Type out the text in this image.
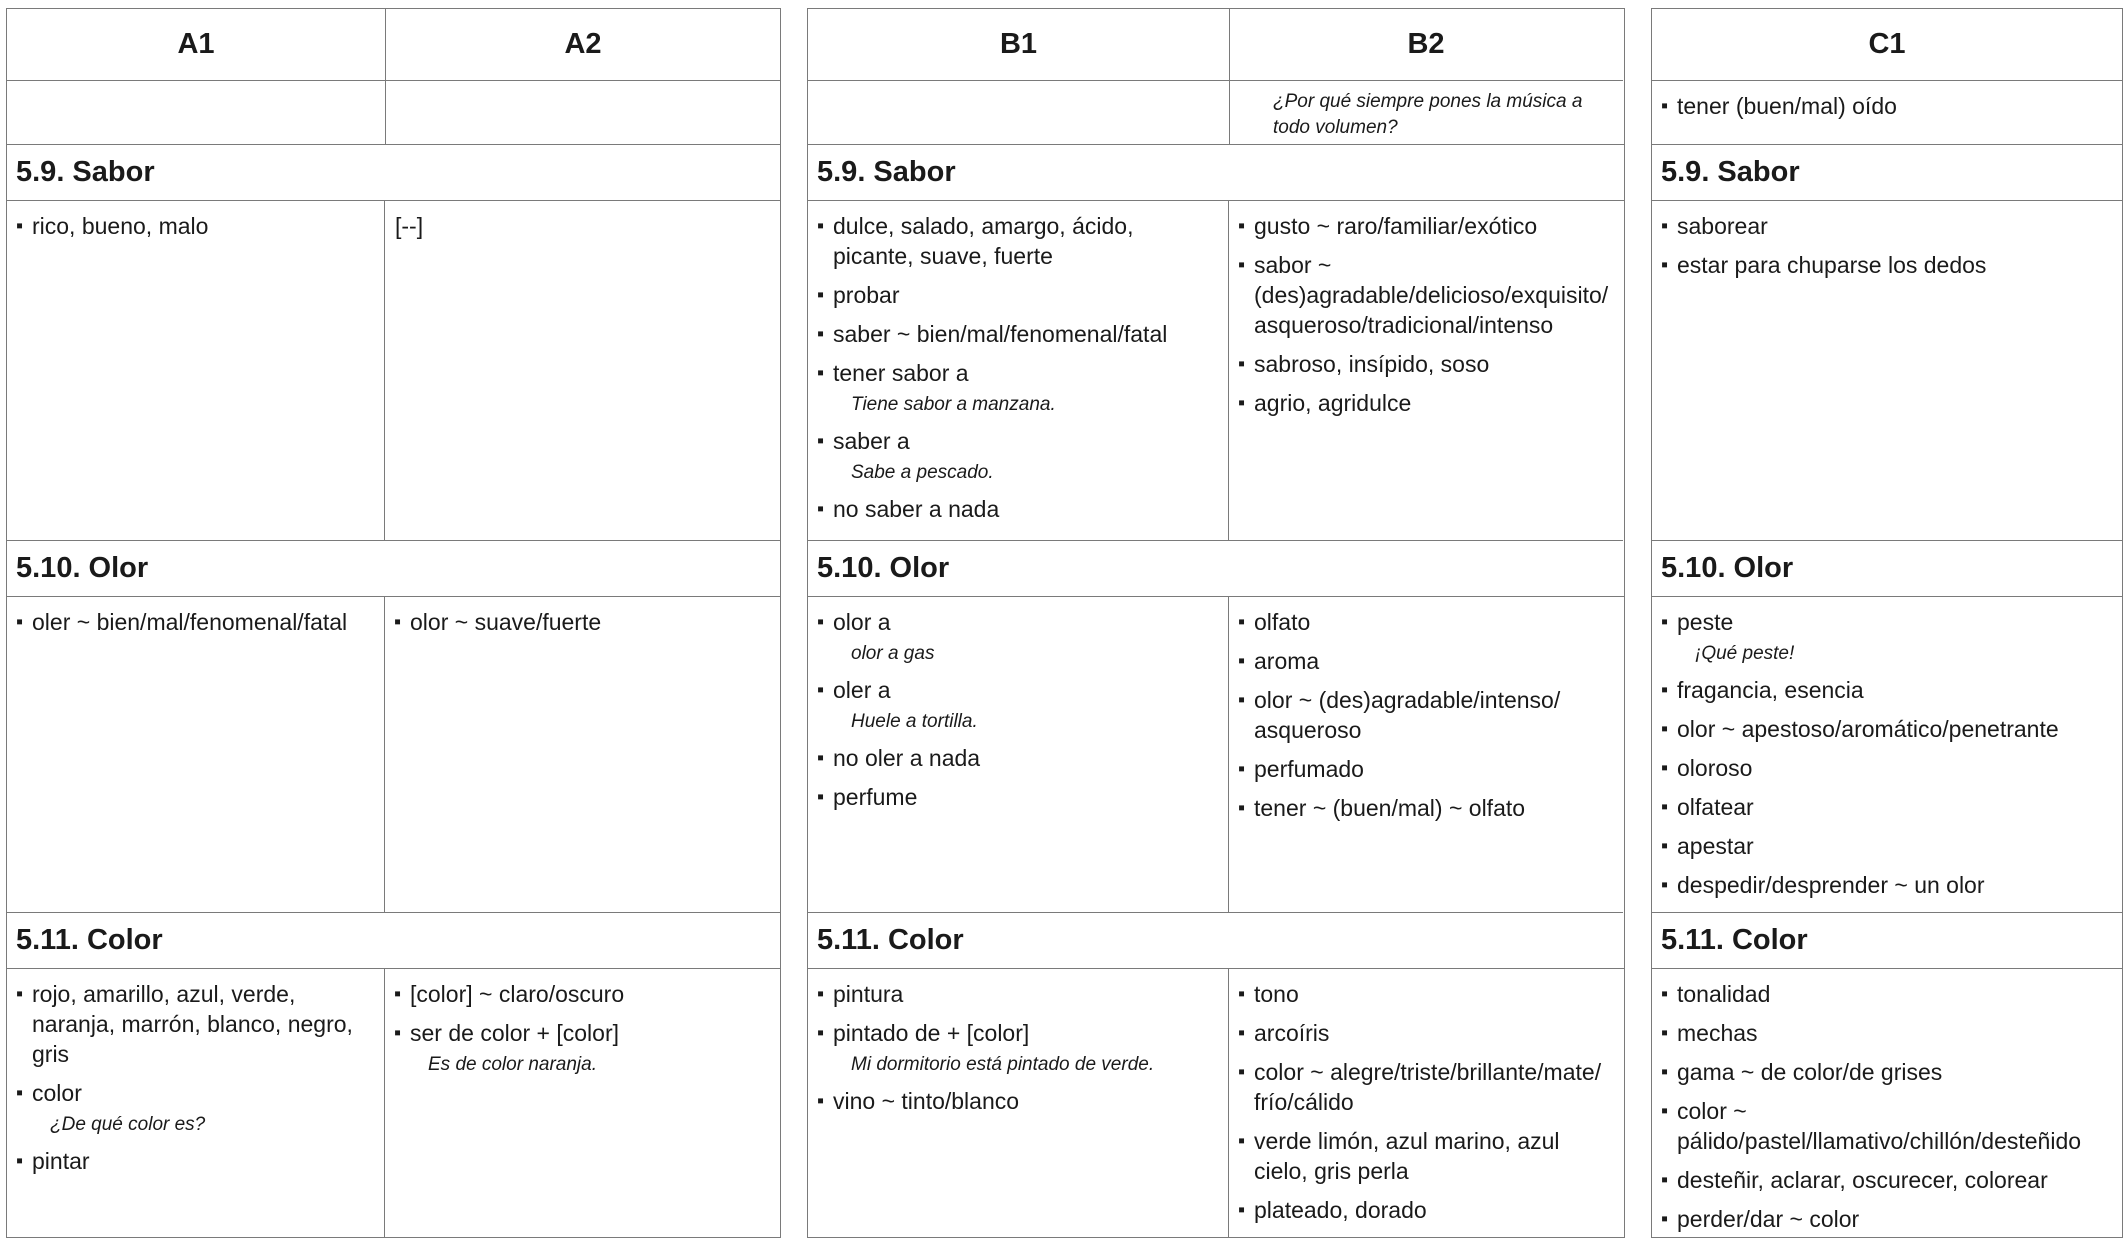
A1	A2
5.9. Sabor
▪ rico, bueno, malo	[--]
5.10. Olor
▪ oler ~ bien/mal/fenomenal/fatal
▪	olor ~ suave/fuerte
5.11. Color
▪ rojo, amarillo, azul, verde, naranja, marrón, blanco, negro, gris
▪ color
¿De qué color es?
▪ pintar
▪ [color] ~ claro/oscuro
▪ ser de color + [color]
Es de color naranja.
B1	B2
¿Por qué siempre pones la música a todo volumen?
5.9. Sabor
▪ dulce, salado, amargo, ácido, picante, suave, fuerte
▪ probar
▪ saber ~ bien/mal/fenomenal/fatal
▪ tener sabor a
Tiene sabor a manzana.
▪ saber a
Sabe a pescado.
▪ no saber a nada
▪ gusto ~ raro/familiar/exótico
▪ sabor ~ (des)agradable/delicioso/exquisito/ asqueroso/tradicional/intenso
▪ sabroso, insípido, soso
▪ agrio, agridulce
5.10. Olor
▪ olor a
olor a gas
▪ oler a
Huele a tortilla.
▪ no oler a nada
▪ perfume
▪ olfato
▪ aroma
▪ olor ~ (des)agradable/intenso/ asqueroso
▪ perfumado
▪ tener ~ (buen/mal) ~ olfato
5.11. Color
▪ pintura
▪ pintado de + [color]
Mi dormitorio está pintado de verde.
▪ vino ~ tinto/blanco
▪ tono
▪ arcoíris
▪ color ~ alegre/triste/brillante/mate/ frío/cálido
▪ verde limón, azul marino, azul cielo, gris perla
▪ plateado, dorado
C1
▪ tener (buen/mal) oído
5.9. Sabor
▪ saborear
▪ estar para chuparse los dedos
5.10. Olor
▪ peste
¡Qué peste!
▪ fragancia, esencia
▪ olor ~ apestoso/aromático/penetrante
▪ oloroso
▪ olfatear
▪ apestar
▪ despedir/desprender ~ un olor
5.11. Color
▪ tonalidad
▪ mechas
▪ gama ~ de color/de grises
▪ color ~ pálido/pastel/llamativo/chillón/desteñido
▪ desteñir, aclarar, oscurecer, colorear
▪ perder/dar ~ color
